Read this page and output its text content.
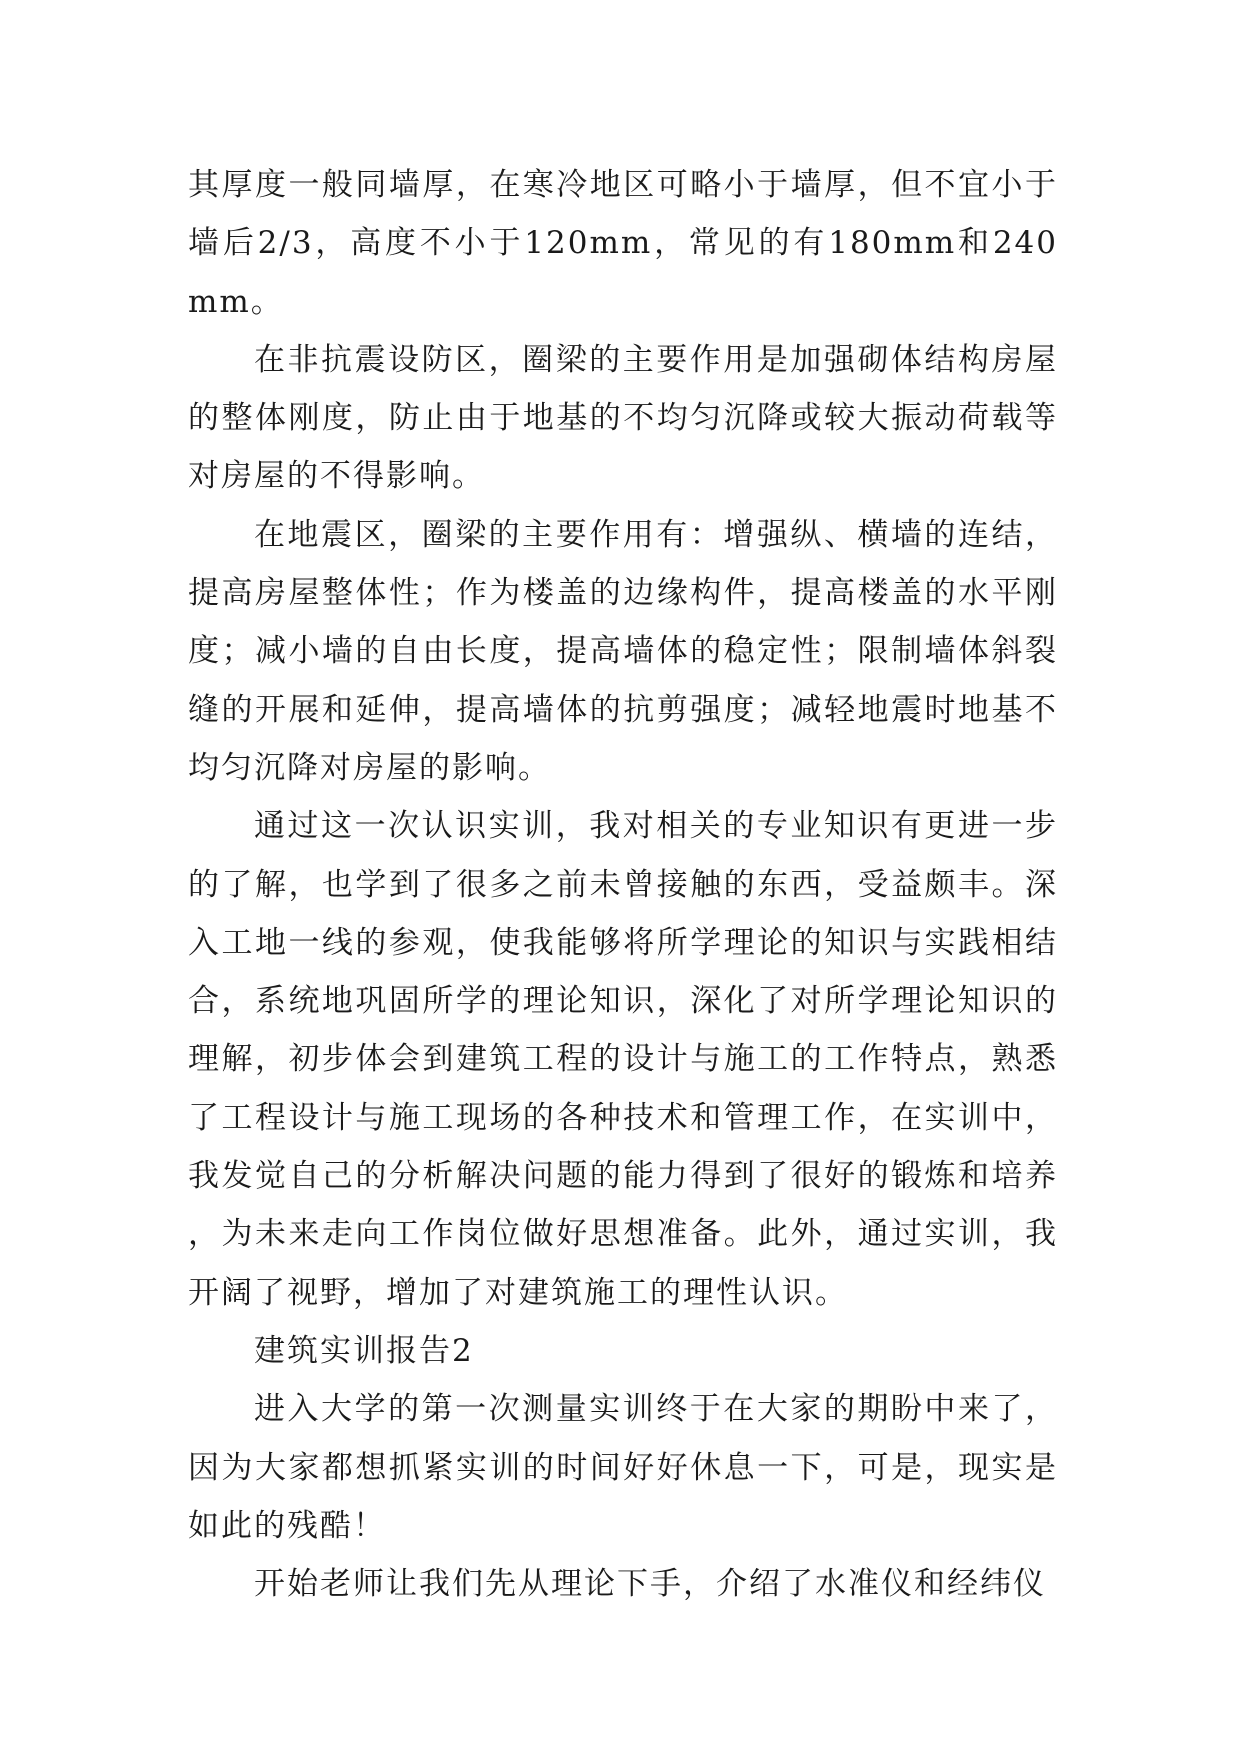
其厚度一般同墙厚，在寒冷地区可略小于墙厚，但不宜小于墙后2/3，高度不小于120mm，常见的有180mm和240mm。

在非抗震设防区，圈梁的主要作用是加强砌体结构房屋的整体刚度，防止由于地基的不均匀沉降或较大振动荷载等对房屋的不得影响。

在地震区，圈梁的主要作用有：增强纵、横墙的连结，提高房屋整体性；作为楼盖的边缘构件，提高楼盖的水平刚度；减小墙的自由长度，提高墙体的稳定性；限制墙体斜裂缝的开展和延伸，提高墙体的抗剪强度；减轻地震时地基不均匀沉降对房屋的影响。

通过这一次认识实训，我对相关的专业知识有更进一步的了解，也学到了很多之前未曾接触的东西，受益颇丰。深入工地一线的参观，使我能够将所学理论的知识与实践相结合，系统地巩固所学的理论知识，深化了对所学理论知识的理解，初步体会到建筑工程的设计与施工的工作特点，熟悉了工程设计与施工现场的各种技术和管理工作，在实训中，我发觉自己的分析解决问题的能力得到了很好的锻炼和培养，为未来走向工作岗位做好思想准备。此外，通过实训，我开阔了视野，增加了对建筑施工的理性认识。

建筑实训报告2

进入大学的第一次测量实训终于在大家的期盼中来了，因为大家都想抓紧实训的时间好好休息一下，可是，现实是如此的残酷！

开始老师让我们先从理论下手，介绍了水准仪和经纬仪
